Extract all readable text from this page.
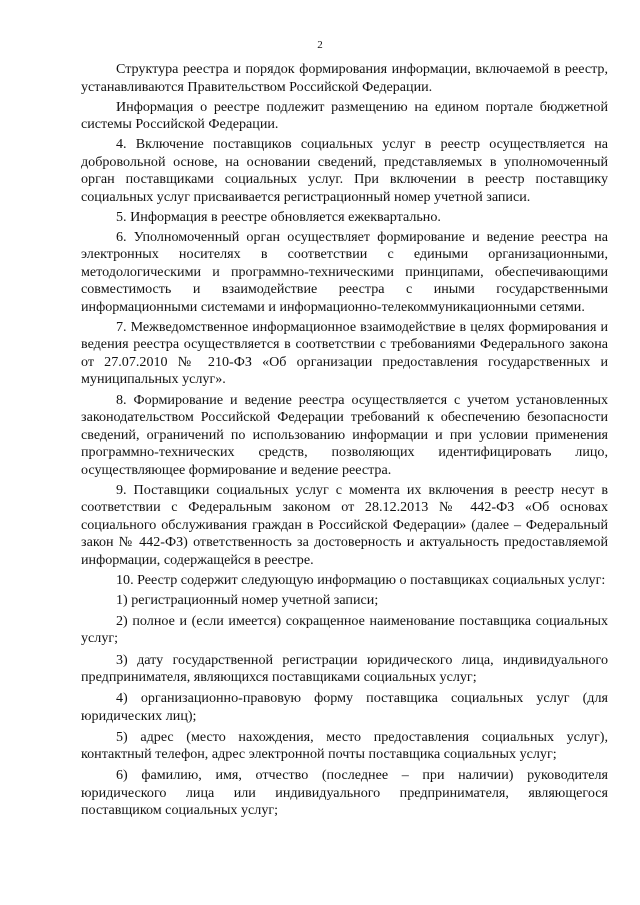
2

Структура реестра и порядок формирования информации, включаемой в реестр, устанавливаются Правительством Российской Федерации.

Информация о реестре подлежит размещению на едином портале бюджетной системы Российской Федерации.

4. Включение поставщиков социальных услуг в реестр осуществляется на добровольной основе, на основании сведений, представляемых в уполномоченный орган поставщиками социальных услуг. При включении в реестр поставщику социальных услуг присваивается регистрационный номер учетной записи.

5. Информация в реестре обновляется ежеквартально.

6. Уполномоченный орган осуществляет формирование и ведение реестра на электронных носителях в соответствии с едиными организационными, методологическими и программно-техническими принципами, обеспечивающими совместимость и взаимодействие реестра с иными государственными информационными системами и информационно-телекоммуникационными сетями.

7. Межведомственное информационное взаимодействие в целях формирования и ведения реестра осуществляется в соответствии с требованиями Федерального закона от 27.07.2010 № 210-ФЗ «Об организации предоставления государственных и муниципальных услуг».

8. Формирование и ведение реестра осуществляется с учетом установленных законодательством Российской Федерации требований к обеспечению безопасности сведений, ограничений по использованию информации и при условии применения программно-технических средств, позволяющих идентифицировать лицо, осуществляющее формирование и ведение реестра.

9. Поставщики социальных услуг с момента их включения в реестр несут в соответствии с Федеральным законом от 28.12.2013 № 442-ФЗ «Об основах социального обслуживания граждан в Российской Федерации» (далее – Федеральный закон № 442-ФЗ) ответственность за достоверность и актуальность предоставляемой информации, содержащейся в реестре.

10. Реестр содержит следующую информацию о поставщиках социальных услуг:

1) регистрационный номер учетной записи;

2) полное и (если имеется) сокращенное наименование поставщика социальных услуг;

3) дату государственной регистрации юридического лица, индивидуального предпринимателя, являющихся поставщиками социальных услуг;

4) организационно-правовую форму поставщика социальных услуг (для юридических лиц);

5) адрес (место нахождения, место предоставления социальных услуг), контактный телефон, адрес электронной почты поставщика социальных услуг;

6) фамилию, имя, отчество (последнее – при наличии) руководителя юридического лица или индивидуального предпринимателя, являющегося поставщиком социальных услуг;
